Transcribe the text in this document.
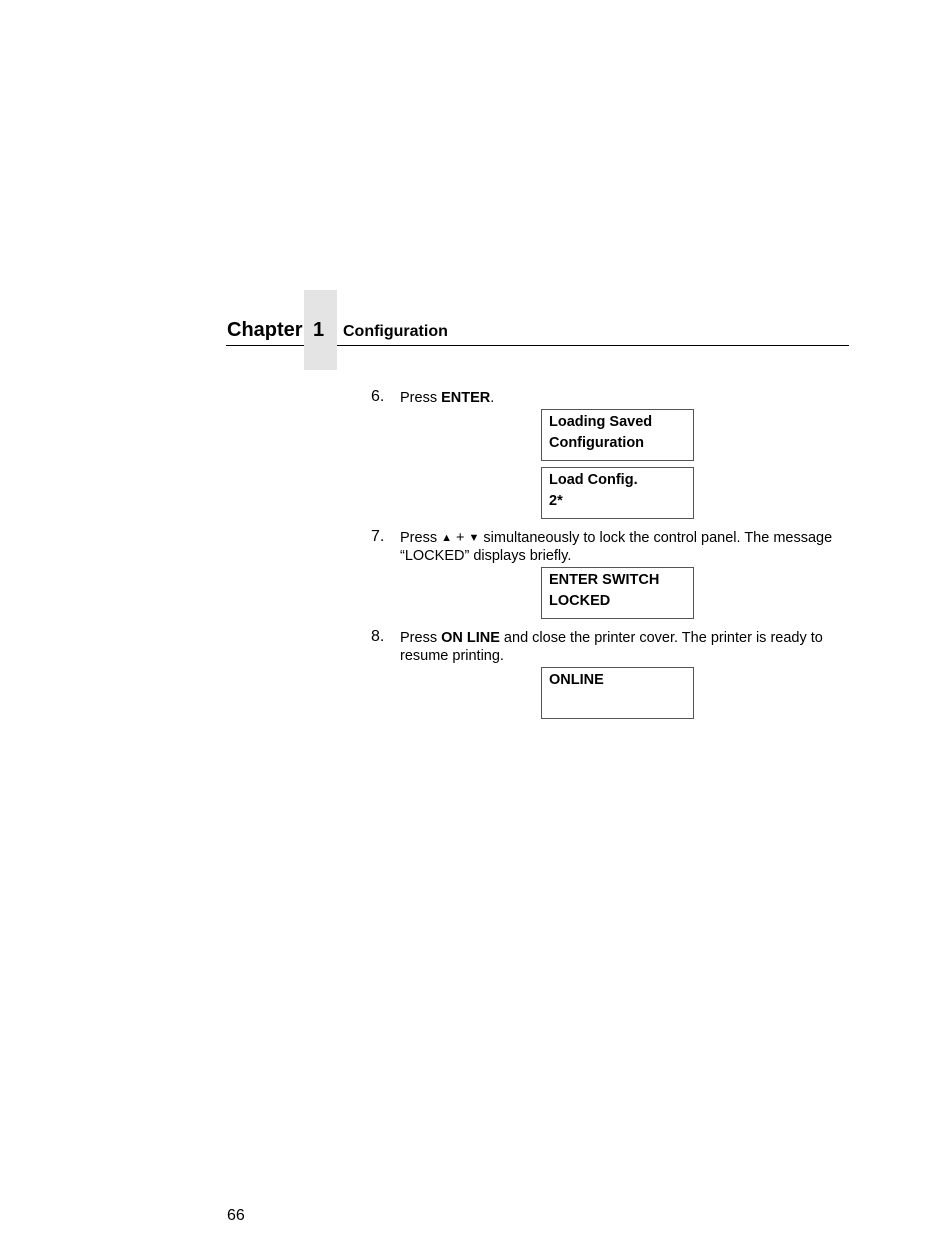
Chapter 1	Configuration
6. Press ENTER.
Loading Saved
Configuration
Load Config.
2*
7. Press ▲ + ▼ simultaneously to lock the control panel. The message “LOCKED” displays briefly.
ENTER SWITCH
LOCKED
8. Press ON LINE and close the printer cover. The printer is ready to resume printing.
ONLINE
66
